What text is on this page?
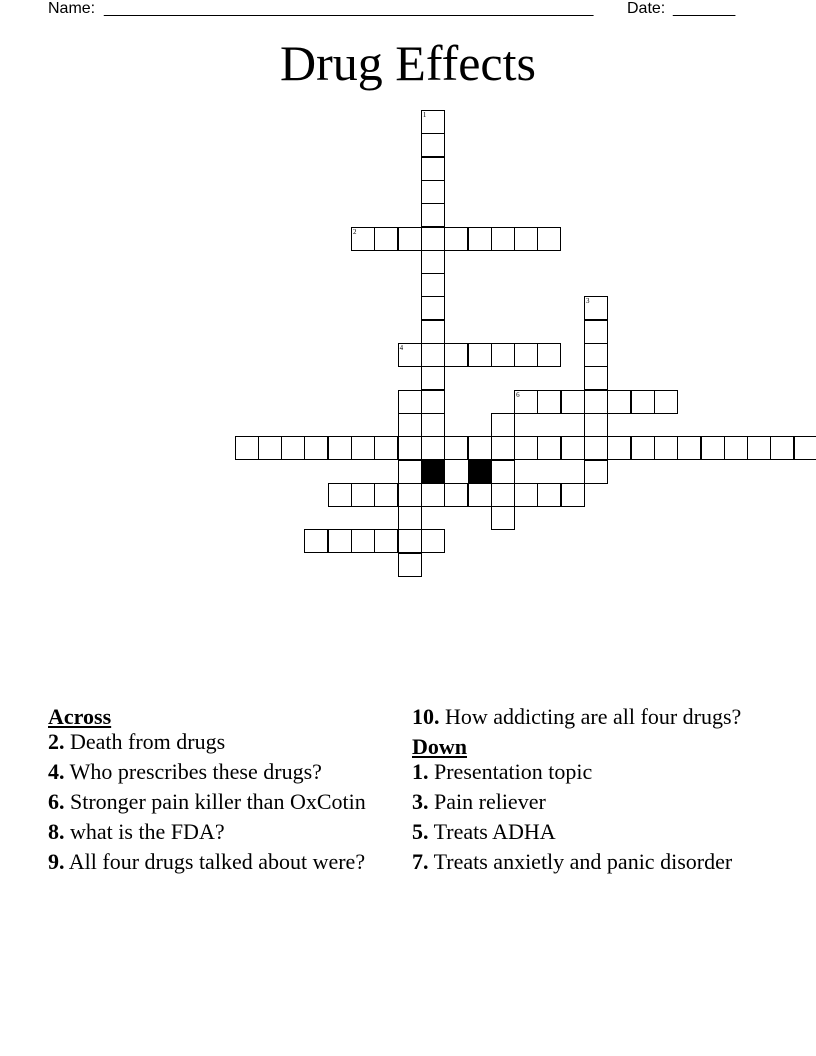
Name: _______________________________________________________ Date: _______
Drug Effects
1
2
3
4
6
Across
2. Death from drugs
4. Who prescribes these drugs?
6. Stronger pain killer than OxCotin
8. what is the FDA?
9. All four drugs talked about were?
10. How addicting are all four drugs?
Down
1. Presentation topic
3. Pain reliever
5. Treats ADHA
7. Treats anxietly and panic disorder
